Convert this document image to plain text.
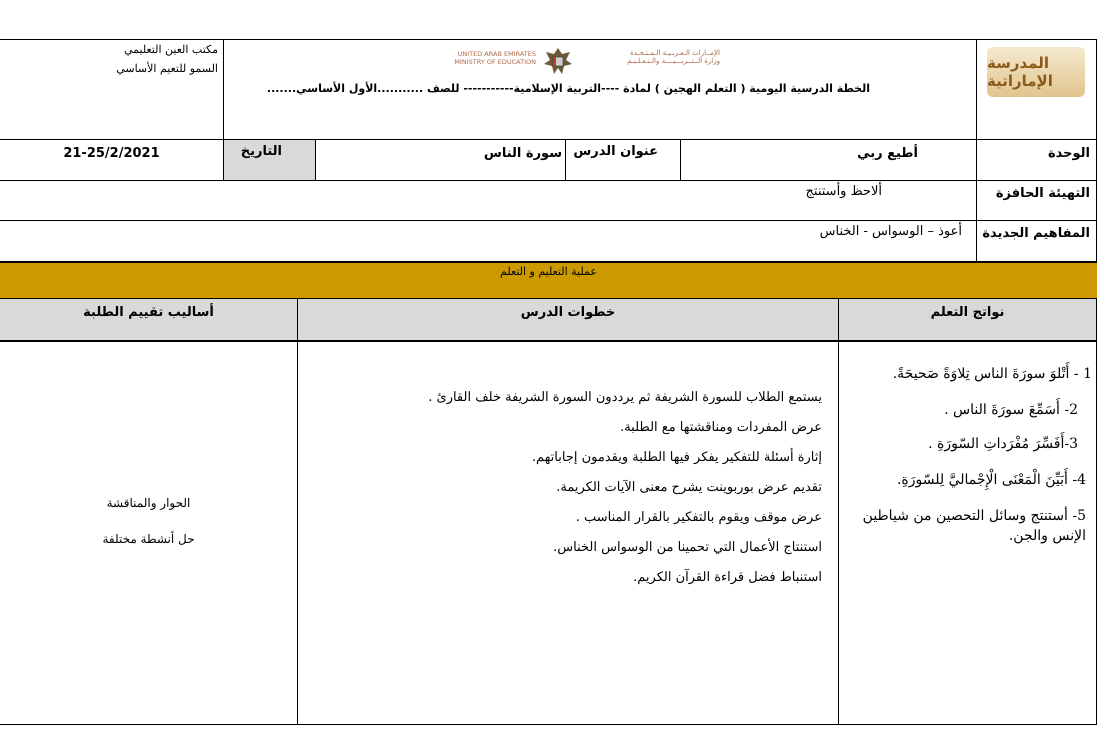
المدرسة الإماراتية
الإمــارات الـعـربـيـة الـمـتـحـدة
وزارة الــتــربـــيــــة والـتـعـلـيـم
UNITED ARAB EMIRATES
MINISTRY OF EDUCATION
الخطة الدرسية اليومية ( التعلم الهجين ) لمادة ----التربية الإسلامية----------- للصف ...........الأول الأساسي.......
مكتب العين التعليمي
السمو للتعيم الأساسي
الوحدة
أطيع ربي
عنوان الدرس
سورة الناس
التاريخ
21-25/2/2021
التهيئة الحافزة
ألاحظ وأستنتج
المفاهيم الجديدة
أعوذ – الوسواس - الخناس
عملية التعليم و التعلم
نواتج التعلم
خطوات الدرس
أساليب تقييم الطلبة
1 - أَتْلوَ سورَةَ الناس تِلاوَةً صَحيحَةً.
2- أَسَمِّعَ سورَةَ الناس .
3-أَفَسِّرَ مُفْرَداتِ السّورَةِ .
4- أَبَيِّنَ الْمَعْنَى الْإِجْماليَّ لِلسّورَةِ.
5- أستنتج وسائل التحصين من شياطين الإنس والجن.
يستمع الطلاب للسورة الشريفة ثم يرددون السورة الشريفة خلف القارئ .
عرض المفردات ومناقشتها مع الطلبة.
إثارة أسئلة للتفكير يفكر فيها الطلبة ويقدمون إجاباتهم.
تقديم عرض بوربوينت يشرح معنى الآيات الكريمة.
عرض موقف ويقوم بالتفكير بالقرار المناسب .
استنتاج الأعمال التي تحمينا من الوسواس الخناس.
استنباط فضل قراءة القرآن الكريم.
الحوار والمناقشة
حل أنشطة مختلفة
